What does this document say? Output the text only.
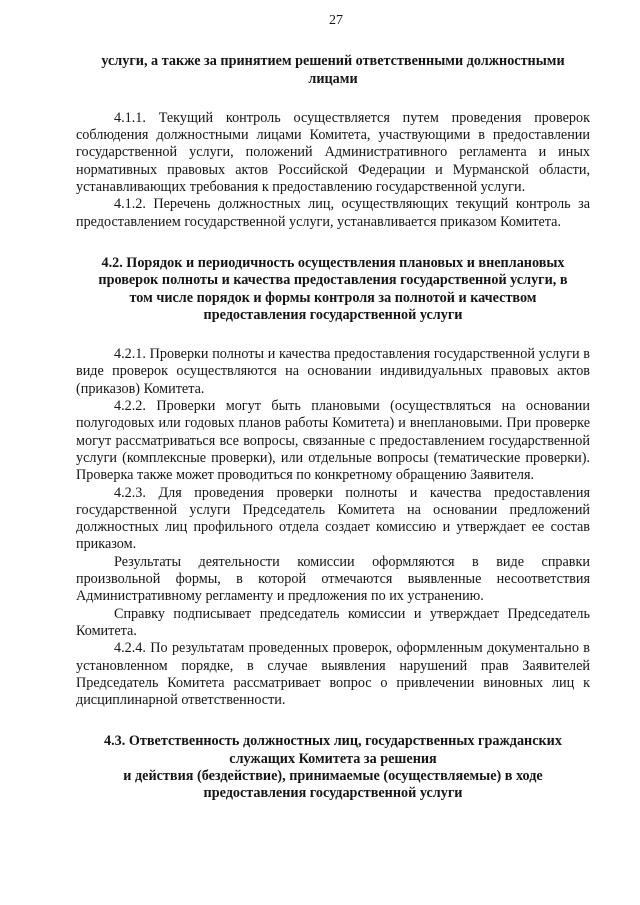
27
услуги, а также за принятием решений ответственными должностными
лицами

4.1.1. Текущий контроль осуществляется путем проведения проверок соблюдения должностными лицами Комитета, участвующими в предоставлении государственной услуги, положений Административного регламента и иных нормативных правовых актов Российской Федерации и Мурманской области, устанавливающих требования к предоставлению государственной услуги.

4.1.2. Перечень должностных лиц, осуществляющих текущий контроль за предоставлением государственной услуги, устанавливается приказом Комитета.

4.2. Порядок и периодичность осуществления плановых и внеплановых
проверок полноты и качества предоставления государственной услуги, в
том числе порядок и формы контроля за полнотой и качеством
предоставления государственной услуги

4.2.1. Проверки полноты и качества предоставления государственной услуги в виде проверок осуществляются на основании индивидуальных правовых актов (приказов) Комитета.

4.2.2. Проверки могут быть плановыми (осуществляться на основании полугодовых или годовых планов работы Комитета) и внеплановыми. При проверке могут рассматриваться все вопросы, связанные с предоставлением государственной услуги (комплексные проверки), или отдельные вопросы (тематические проверки). Проверка также может проводиться по конкретному обращению Заявителя.

4.2.3. Для проведения проверки полноты и качества предоставления государственной услуги Председатель Комитета на основании предложений должностных лиц профильного отдела создает комиссию и утверждает ее состав приказом.

Результаты деятельности комиссии оформляются в виде справки произвольной формы, в которой отмечаются выявленные несоответствия Административному регламенту и предложения по их устранению.

Справку подписывает председатель комиссии и утверждает Председатель Комитета.

4.2.4. По результатам проведенных проверок, оформленным документально в установленном порядке, в случае выявления нарушений прав Заявителей Председатель Комитета рассматривает вопрос о привлечении виновных лиц к дисциплинарной ответственности.

4.3. Ответственность должностных лиц, государственных гражданских
служащих Комитета за решения
и действия (бездействие), принимаемые (осуществляемые) в ходе
предоставления государственной услуги
